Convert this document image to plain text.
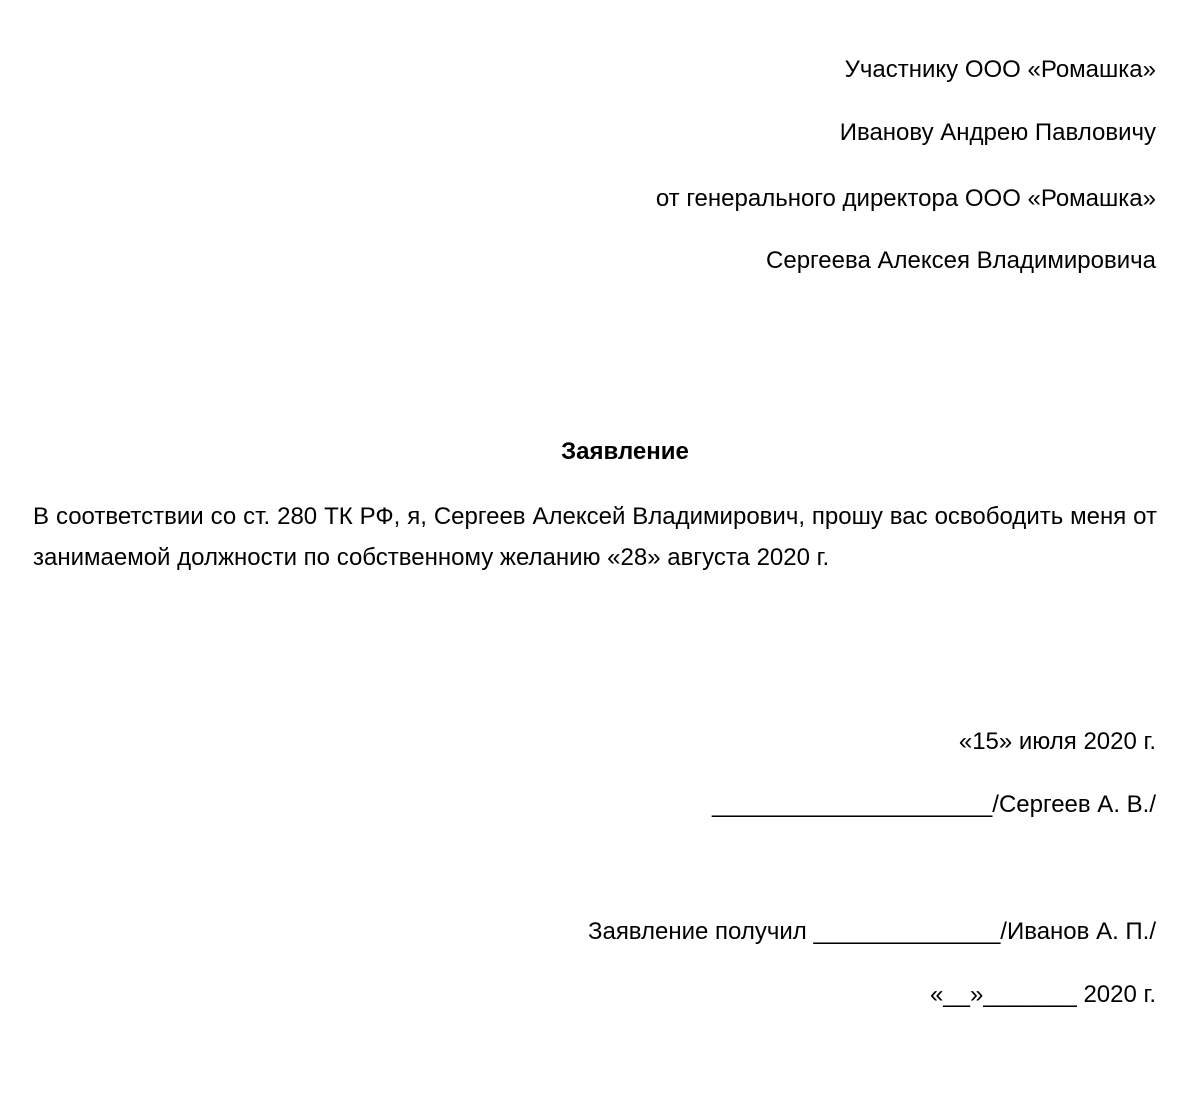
Участнику ООО «Ромашка»
Иванову Андрею Павловичу
от генерального директора ООО «Ромашка»
Сергеева Алексея Владимировича
Заявление
В соответствии со ст. 280 ТК РФ, я, Сергеев Алексей Владимирович, прошу вас освободить меня от занимаемой должности по собственному желанию «28» августа 2020 г.
«15» июля 2020 г.
_____________________/Сергеев А. В./
Заявление получил ______________/Иванов А. П./
«__»_______ 2020 г.
